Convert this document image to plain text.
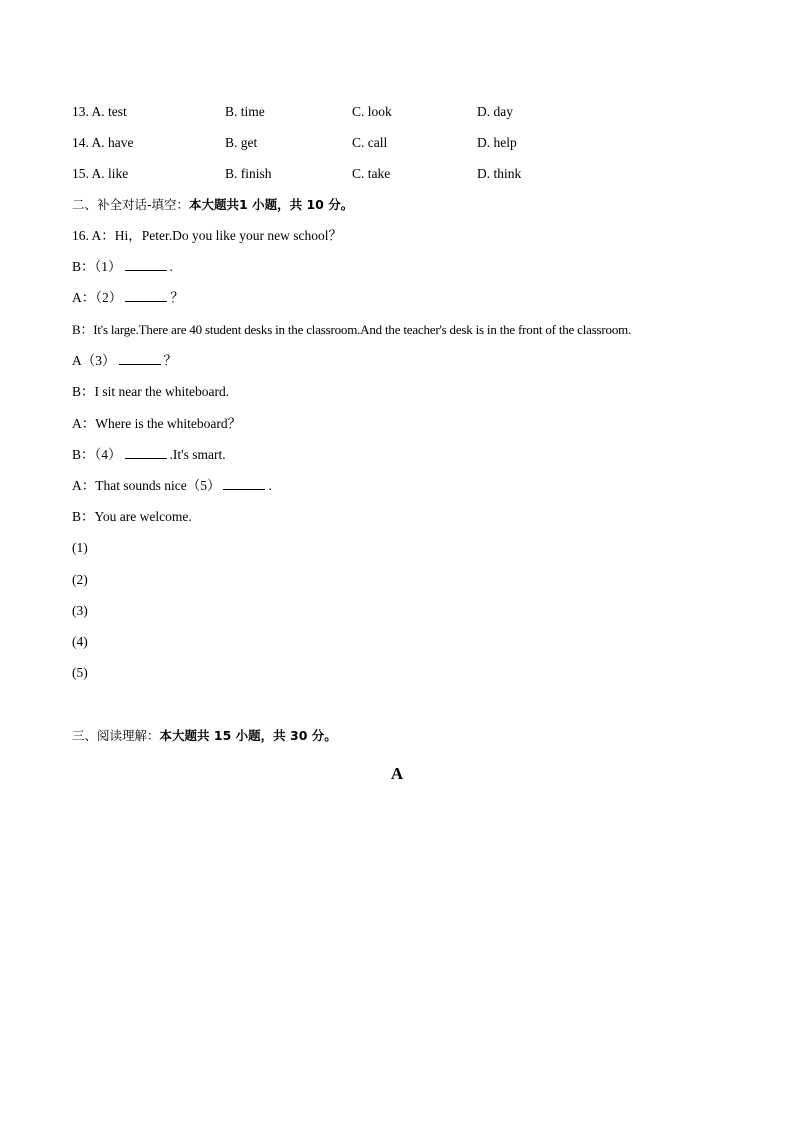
13. A. test	B. time	C. look	D. day
14. A. have	B. get	C. call	D. help
15. A. like	B. finish	C. take	D. think
二、补全对话-填空：本大题共1 小题，共 10 分。
16. A：Hi，Peter.Do you like your new school？
B：（1）	.
A：（2）	？
B：It's large.There are 40 student desks in the classroom.And the teacher's desk is in the front of the classroom.
A（3）	？
B：I sit near the whiteboard.
A：Where is the whiteboard？
B：（4）	.It's smart.
A：That sounds nice（5）	.
B：You are welcome.
(1)
(2)
(3)
(4)
(5)
三、阅读理解：本大题共 15 小题，共 30 分。
A
